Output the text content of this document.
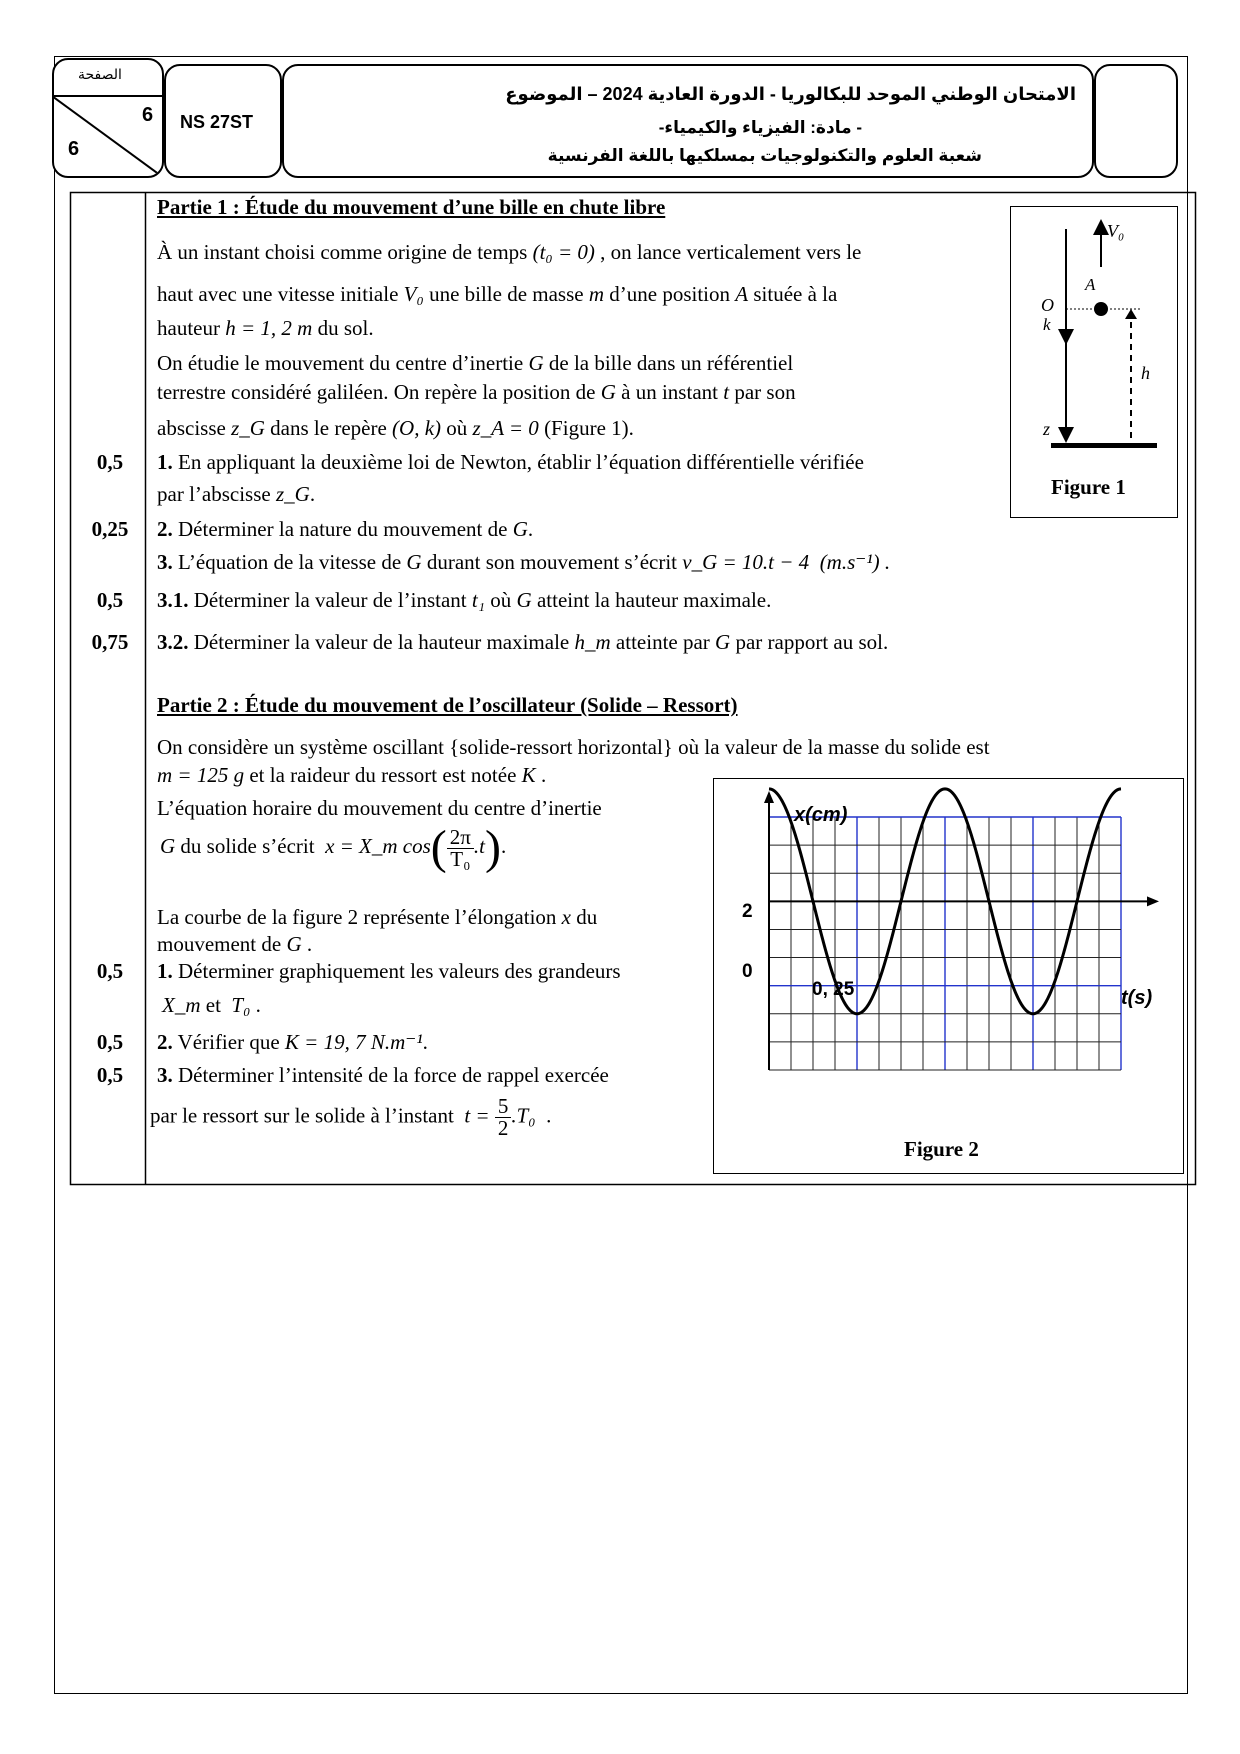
الصفحة
6
6
NS 27ST
الامتحان الوطني الموحد للبكالوريا - الدورة العادية 2024 – الموضوع
- مادة: الفيزياء والكيمياء-
شعبة العلوم والتكنولوجيات بمسلكيها باللغة الفرنسية
0,5
0,25
0,5
0,75
0,5
0,5
0,5
Partie 1 : Étude du mouvement d’une bille en chute libre
À un instant choisi comme origine de temps (t₀ = 0) , on lance verticalement vers le
haut avec une vitesse initiale V₀ une bille de masse m d’une position A située à la
hauteur h = 1, 2 m du sol.
On étudie le mouvement du centre d’inertie G de la bille dans un référentiel
terrestre considéré galiléen. On repère la position de G à un instant t par son
abscisse z_G dans le repère (O, k) où z_A = 0 (Figure 1).
1. En appliquant la deuxième loi de Newton, établir l’équation différentielle vérifiée
par l’abscisse z_G.
2. Déterminer la nature du mouvement de G.
3. L’équation de la vitesse de G durant son mouvement s’écrit v_G = 10.t − 4 (m.s⁻¹) .
3.1. Déterminer la valeur de l’instant t₁ où G atteint la hauteur maximale.
3.2. Déterminer la valeur de la hauteur maximale h_m atteinte par G par rapport au sol.
V₀
A
O
k
h
z
Figure 1
Partie 2 : Étude du mouvement de l’oscillateur (Solide – Ressort)
On considère un système oscillant {solide-ressort horizontal} où la valeur de la masse du solide est
m = 125 g et la raideur du ressort est notée K .
L’équation horaire du mouvement du centre d’inertie
G du solide s’écrit x = X_m $\cos( \frac{2\pi}{\text{T₀}} .t)$.
La courbe de la figure 2 représente l’élongation x du
mouvement de G .
1. Déterminer graphiquement les valeurs des grandeurs
X_m et T₀ .
2. Vérifier que K = 19, 7 N.m⁻¹.
3. Déterminer l’intensité de la force de rappel exercée
par le ressort sur le solide à l’instant $t = \frac{5}{2} .T_0$ .
x(cm)
t(s)
2
0
0, 25
Figure 2
